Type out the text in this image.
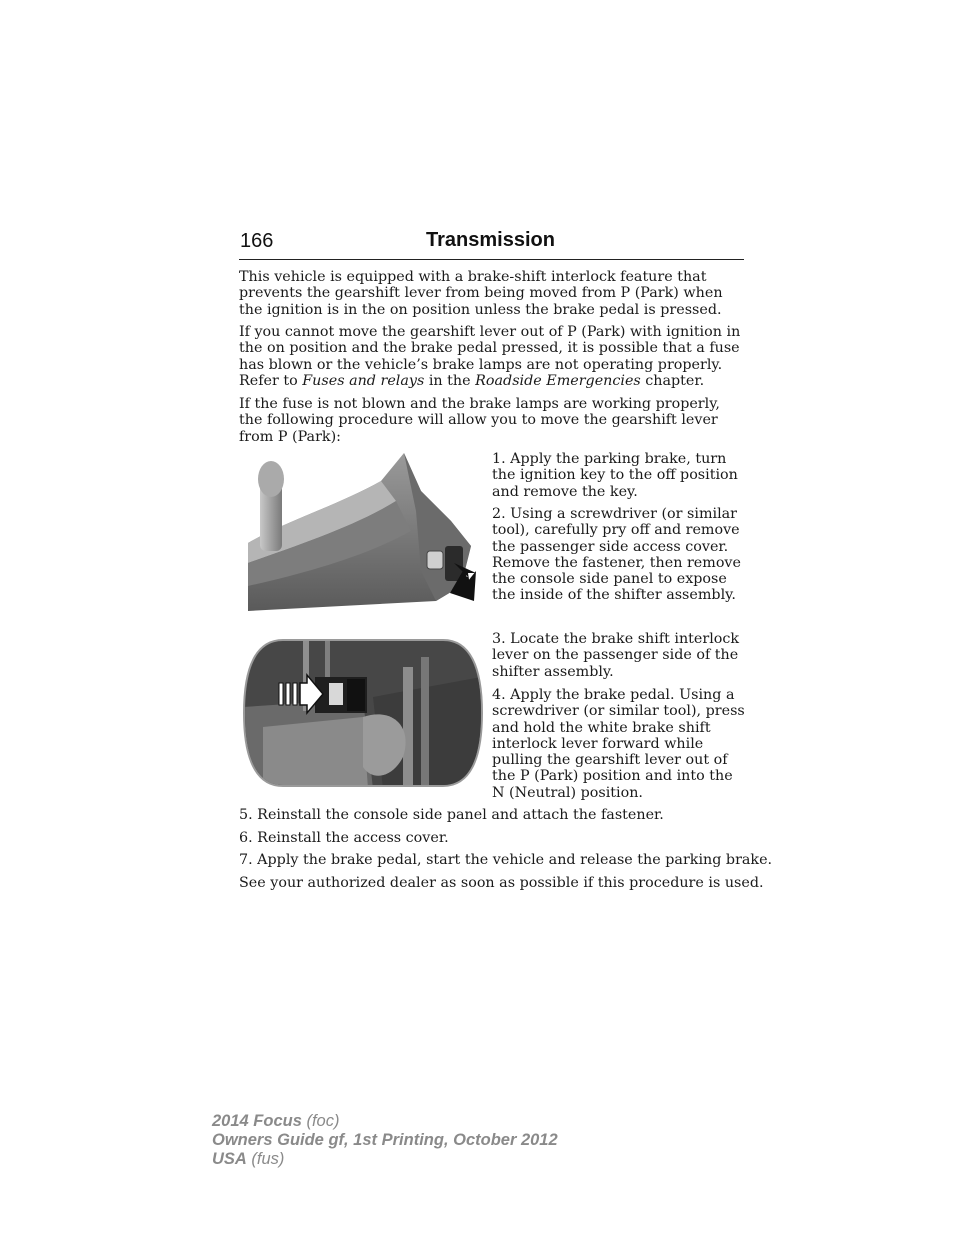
166	Transmission

This vehicle is equipped with a brake-shift interlock feature that prevents the gearshift lever from being moved from P (Park) when the ignition is in the on position unless the brake pedal is pressed.

If you cannot move the gearshift lever out of P (Park) with ignition in the on position and the brake pedal pressed, it is possible that a fuse has blown or the vehicle’s brake lamps are not operating properly. Refer to Fuses and relays in the Roadside Emergencies chapter.

If the fuse is not blown and the brake lamps are working properly, the following procedure will allow you to move the gearshift lever from P (Park):

1. Apply the parking brake, turn the ignition key to the off position and remove the key.

2. Using a screwdriver (or similar tool), carefully pry off and remove the passenger side access cover. Remove the fastener, then remove the console side panel to expose the inside of the shifter assembly.

3. Locate the brake shift interlock lever on the passenger side of the shifter assembly.

4. Apply the brake pedal. Using a screwdriver (or similar tool), press and hold the white brake shift interlock lever forward while pulling the gearshift lever out of the P (Park) position and into the N (Neutral) position.

5. Reinstall the console side panel and attach the fastener.

6. Reinstall the access cover.

7. Apply the brake pedal, start the vehicle and release the parking brake.

See your authorized dealer as soon as possible if this procedure is used.

2014 Focus (foc)
Owners Guide gf, 1st Printing, October 2012
USA (fus)
